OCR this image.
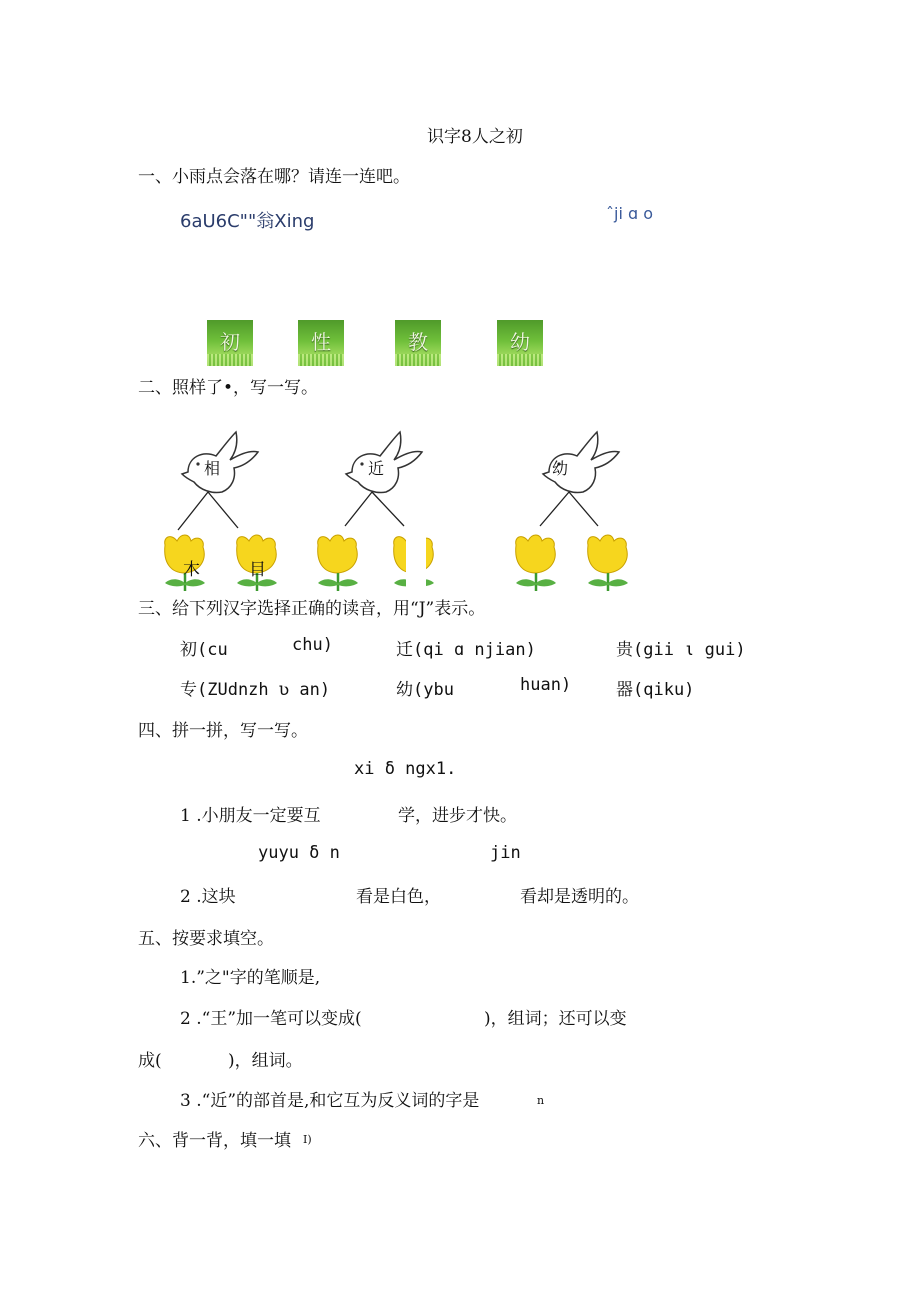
识字8人之初
一、小雨点会落在哪？请连一连吧。
6aU6C""翁Xing	ˆji ɑ o
初	性	教	幼
二、照样了•，写一写。
相	近	幼
木	目
三、给下列汉字选择正确的读音，用“J”表示。
初(cu	chu)	迁(qi ɑ njian)	贵(gii ι gui)
专(ZUdnzh ʋ an)	幼(ybu	huan)	器(qiku)
四、拼一拼，写一写。
xi δ ngx1.
1 .小朋友一定要互	学，进步才快。
yuyu δ n	jin
2 .这块	看是白色，	看却是透明的。
五、按要求填空。
1.”之"字的笔顺是,
2 .“王”加一笔可以变成(	)，组词；还可以变
成(	)，组词。
3 .“近”的部首是,和它互为反义词的字是	n
六、背一背，填一填 I)
